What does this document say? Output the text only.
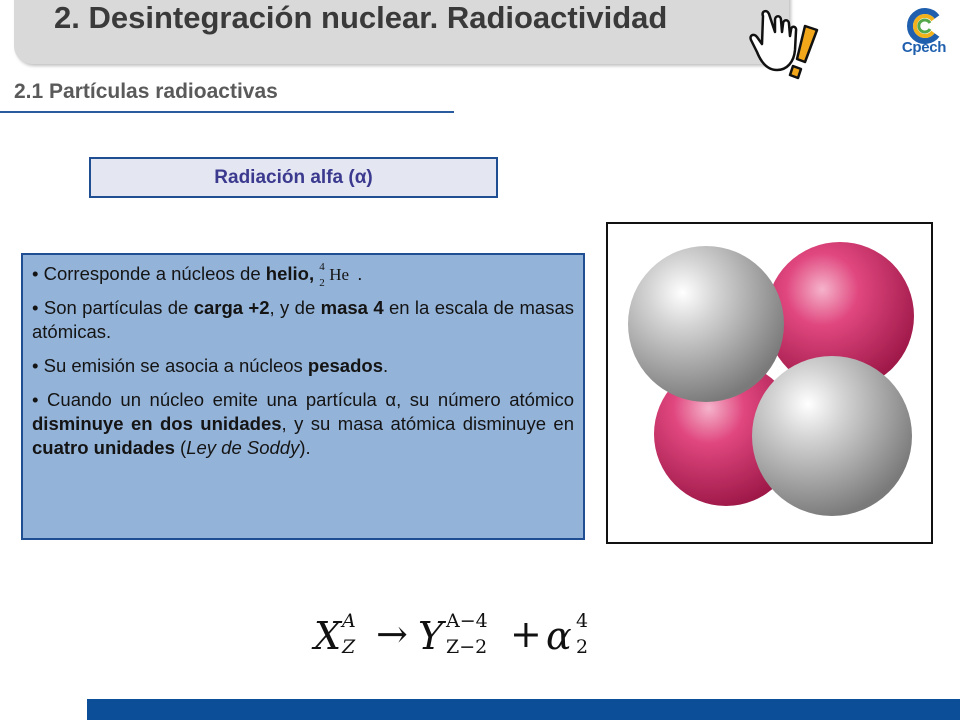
2. Desintegración nuclear. Radioactividad
Cpech
2.1 Partículas radioactivas
Radiación alfa (α)

• Corresponde a núcleos de helio, 4
2 He .

• Son partículas de carga +2, y de masa 4 en la escala de masas atómicas.

• Su emisión se asocia a núcleos pesados.

• Cuando un núcleo emite una partícula α, su número atómico disminuye en dos unidades, y su masa atómica disminuye en cuatro unidades (Ley de Soddy).

X A
Z → Y A−4
Z−2 + α 4
2
